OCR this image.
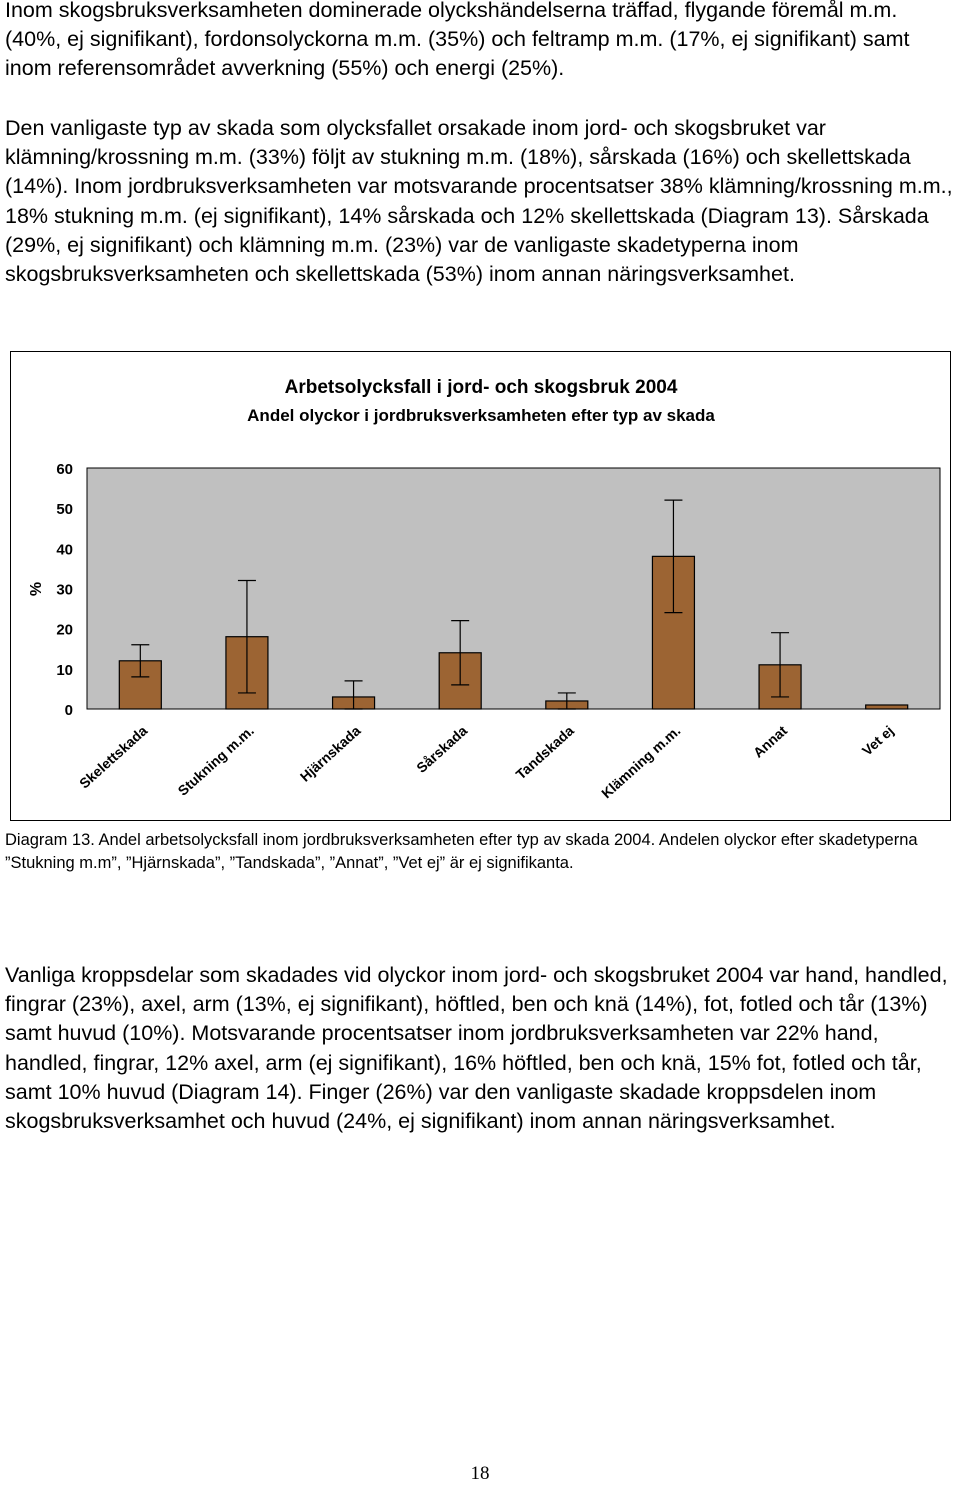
Inom skogsbruksverksamheten dominerade olyckshändelserna träffad, flygande föremål m.m. (40%, ej signifikant), fordonsolyckorna m.m. (35%) och feltramp m.m. (17%, ej signifikant) samt inom referensområdet avverkning (55%) och energi (25%).

Den vanligaste typ av skada som olycksfallet orsakade inom jord- och skogsbruket var klämning/krossning m.m. (33%) följt av stukning m.m. (18%), sårskada (16%) och skellettskada (14%). Inom jordbruksverksamheten var motsvarande procentsatser 38% klämning/krossning m.m., 18% stukning m.m. (ej signifikant), 14% sårskada och 12% skellettskada (Diagram 13). Sårskada (29%, ej signifikant) och klämning m.m. (23%) var de vanligaste skadetyperna inom skogsbruksverksamheten och skellettskada (53%) inom annan näringsverksamhet.

Arbetsolycksfall i jord- och skogsbruk 2004
Andel olyckor i jordbruksverksamheten efter typ av skada
0
10
20
30
40
50
60
%
Skelettskada Stukning m.m.	Hjärnskada	Sårskada	Tandskada Klämning m.m.	Annat	Vet ej

Diagram 13. Andel arbetsolycksfall inom jordbruksverksamheten efter typ av skada 2004. Andelen olyckor efter skadetyperna ”Stukning m.m”, ”Hjärnskada”, ”Tandskada”, ”Annat”, ”Vet ej” är ej signifikanta.

Vanliga kroppsdelar som skadades vid olyckor inom jord- och skogsbruket 2004 var hand, handled, fingrar (23%), axel, arm (13%, ej signifikant), höftled, ben och knä (14%), fot, fotled och tår (13%) samt huvud (10%). Motsvarande procentsatser inom jordbruksverksamheten var 22% hand, handled, fingrar, 12% axel, arm (ej signifikant), 16% höftled, ben och knä, 15% fot, fotled och tår, samt 10% huvud (Diagram 14). Finger (26%) var den vanligaste skadade kroppsdelen inom skogsbruksverksamhet och huvud (24%, ej signifikant) inom annan näringsverksamhet.

18
